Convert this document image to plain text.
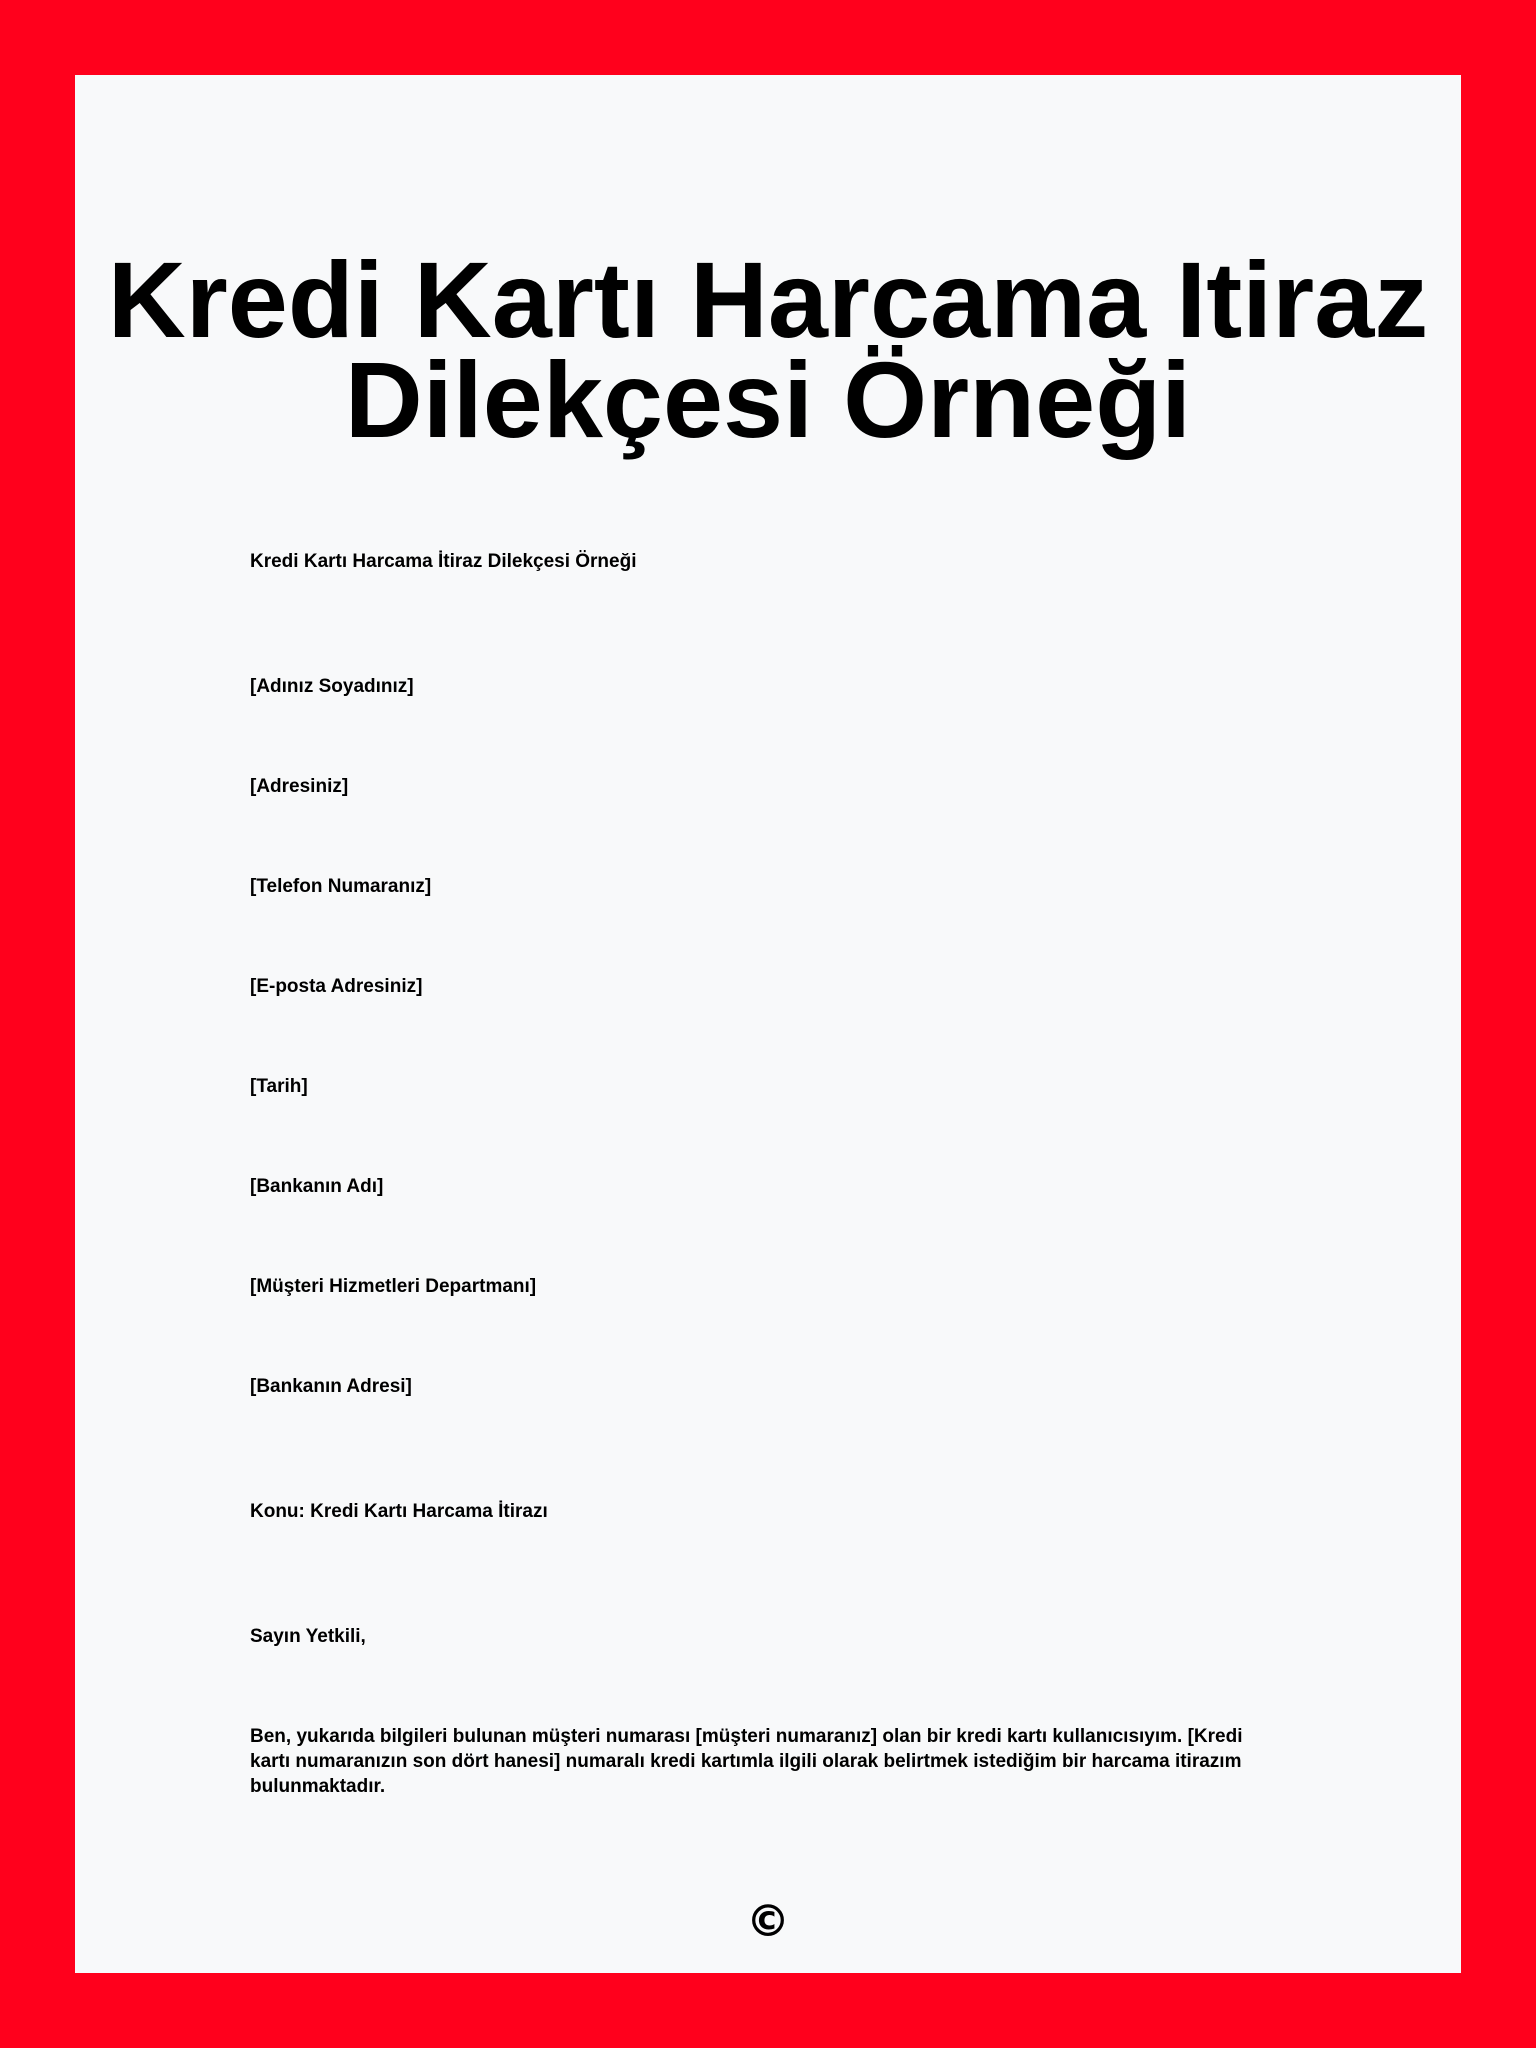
Kredi Kartı Harcama Itiraz Dilekçesi Örneği

Kredi Kartı Harcama İtiraz Dilekçesi Örneği

[Adınız Soyadınız]

[Adresiniz]

[Telefon Numaranız]

[E-posta Adresiniz]

[Tarih]

[Bankanın Adı]

[Müşteri Hizmetleri Departmanı]

[Bankanın Adresi]

Konu: Kredi Kartı Harcama İtirazı

Sayın Yetkili,

Ben, yukarıda bilgileri bulunan müşteri numarası [müşteri numaranız] olan bir kredi kartı kullanıcısıyım. [Kredi kartı numaranızın son dört hanesi] numaralı kredi kartımla ilgili olarak belirtmek istediğim bir harcama itirazım bulunmaktadır.

©
